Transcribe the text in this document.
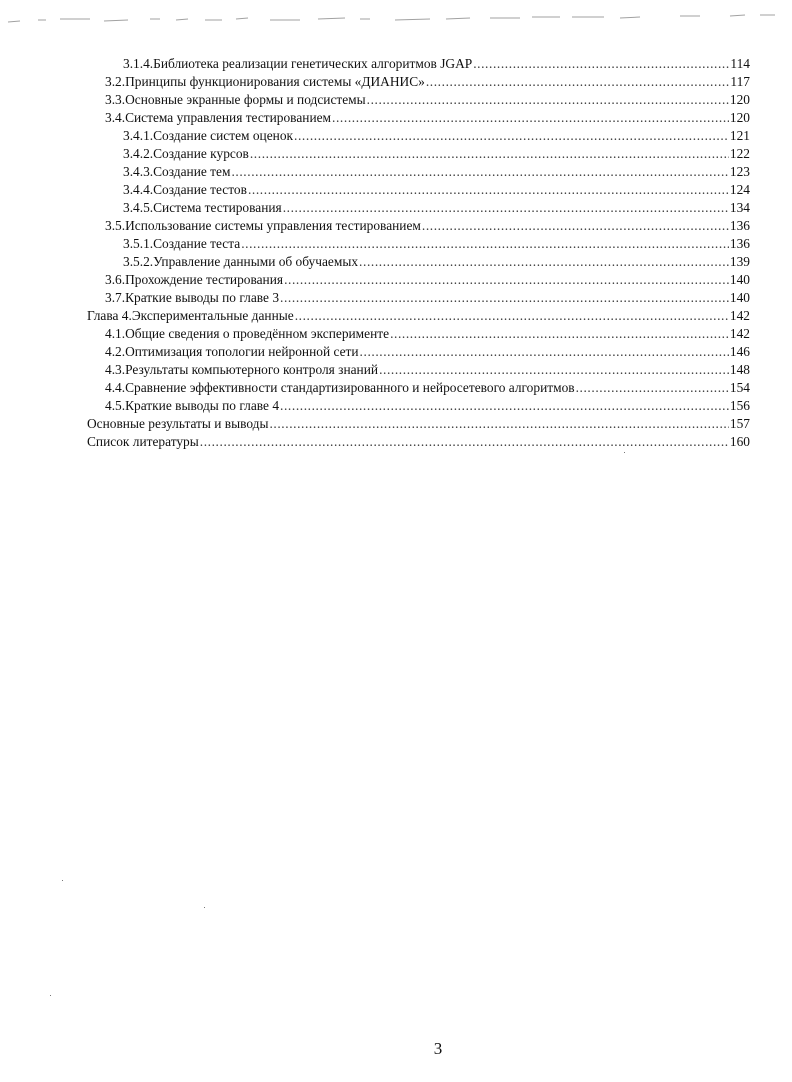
3.1.4.Библиотека реализации генетических алгоритмов JGAP .....	114
3.2.Принципы функционирования системы «ДИАНИС» .....	117
3.3.Основные экранные формы и подсистемы .....	120
3.4.Система управления тестированием .....	120
3.4.1.Создание систем оценок .....	121
3.4.2.Создание курсов .....	122
3.4.3.Создание тем .....	123
3.4.4.Создание тестов .....	124
3.4.5.Система тестирования .....	134
3.5.Использование системы управления тестированием .....	136
3.5.1.Создание теста .....	136
3.5.2.Управление данными об обучаемых .....	139
3.6.Прохождение тестирования .....	140
3.7.Краткие выводы по главе 3 .....	140
Глава 4.Экспериментальные данные .....	142
4.1.Общие сведения о проведённом эксперименте .....	142
4.2.Оптимизация топологии нейронной сети .....	146
4.3.Результаты компьютерного контроля знаний .....	148
4.4.Сравнение эффективности стандартизированного и нейросетевого алгоритмов .....	154
4.5.Краткие выводы по главе 4 .....	156
Основные результаты и выводы .....	157
Список литературы .....	160
3
